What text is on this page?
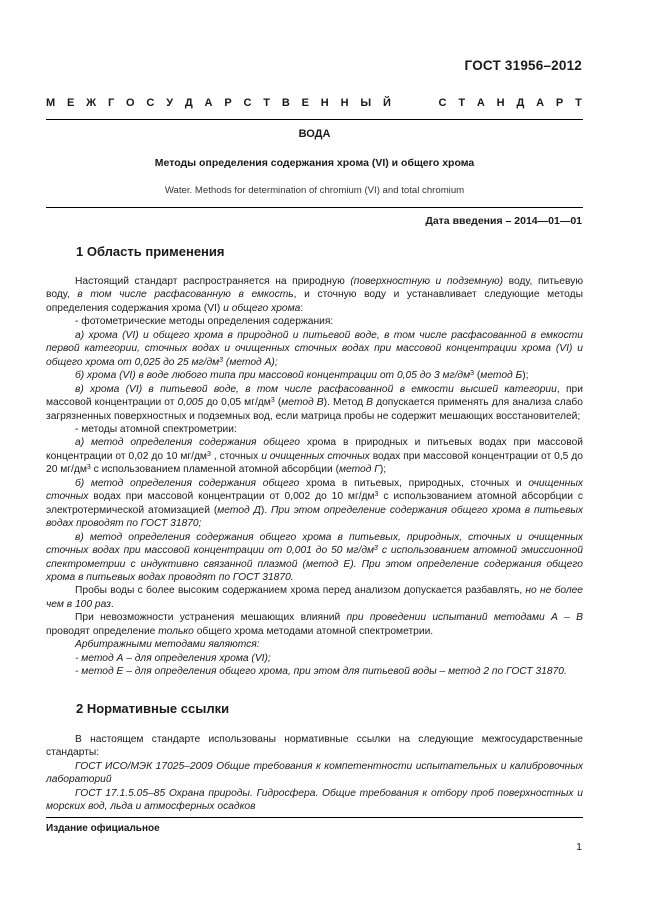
ГОСТ 31956–2012
М Е Ж Г О С У Д А Р С Т В Е Н Н Ы Й	С Т А Н Д А Р Т
ВОДА
Методы определения содержания хрома (VI) и общего хрома
Water. Methods for determination of chromium (VI) and total chromium
Дата введения – 2014—01—01
1 Область применения

Настоящий стандарт распространяется на природную (поверхностную и подземную) воду, питьевую воду, в том числе расфасованную в емкость, и сточную воду и устанавливает следующие методы определения содержания хрома (VI) и общего хрома:

- фотометрические методы определения содержания:

а) хрома (VI) и общего хрома в природной и питьевой воде, в том числе расфасованной в емкости первой категории, сточных водах и очищенных сточных водах при массовой концентрации хрома (VI) и общего хрома от 0,025 до 25 $мг/дм^3$ (метод А);

б) хрома (VI) в воде любого типа при массовой концентрации от 0,05 до 3 $мг/дм^3$ (метод Б);

в) хрома (VI) в питьевой воде, в том числе расфасованной в емкости высшей категории, при массовой концентрации от 0,005 до 0,05 $мг/дм^3$ (метод В). Метод В допускается применять для анализа слабо загрязненных поверхностных и подземных вод, если матрица пробы не содержит мешающих восстановителей;

- методы атомной спектрометрии:

а) метод определения содержания общего хрома в природных и питьевых водах при массовой концентрации от 0,02 до 10 $мг/дм^3$ , сточных и очищенных сточных водах при массовой концентрации от 0,5 до 20 $мг/дм^3$ с использованием пламенной атомной абсорбции (метод Г);

б) метод определения содержания общего хрома в питьевых, природных, сточных и очищенных сточных водах при массовой концентрации от 0,002 до 10 $мг/дм^3$ с использованием атомной абсорбции с электротермической атомизацией (метод Д). При этом определение содержания общего хрома в питьевых водах проводят по ГОСТ 31870;

в) метод определения содержания общего хрома в питьевых, природных, сточных и очищенных сточных водах при массовой концентрации от 0,001 до 50 $мг/дм^3$ с использованием атомной эмиссионной спектрометрии с индуктивно связанной плазмой (метод Е). При этом определение содержания общего хрома в питьевых водах проводят по ГОСТ 31870.

Пробы воды с более высоким содержанием хрома перед анализом допускается разбавлять, но не более чем в 100 раз.

При невозможности устранения мешающих влияний при проведении испытаний методами А – В проводят определение только общего хрома методами атомной спектрометрии.

Арбитражными методами являются:

- метод А – для определения хрома (VI);

- метод Е – для определения общего хрома, при этом для питьевой воды – метод 2 по ГОСТ 31870.

2 Нормативные ссылки

В настоящем стандарте использованы нормативные ссылки на следующие межгосударственные стандарты:

ГОСТ ИСО/МЭК 17025–2009 Общие требования к компетентности испытательных и калибровочных лабораторий

ГОСТ 17.1.5.05–85 Охрана природы. Гидросфера. Общие требования к отбору проб поверхностных и морских вод, льда и атмосферных осадков

Издание официальное
1
